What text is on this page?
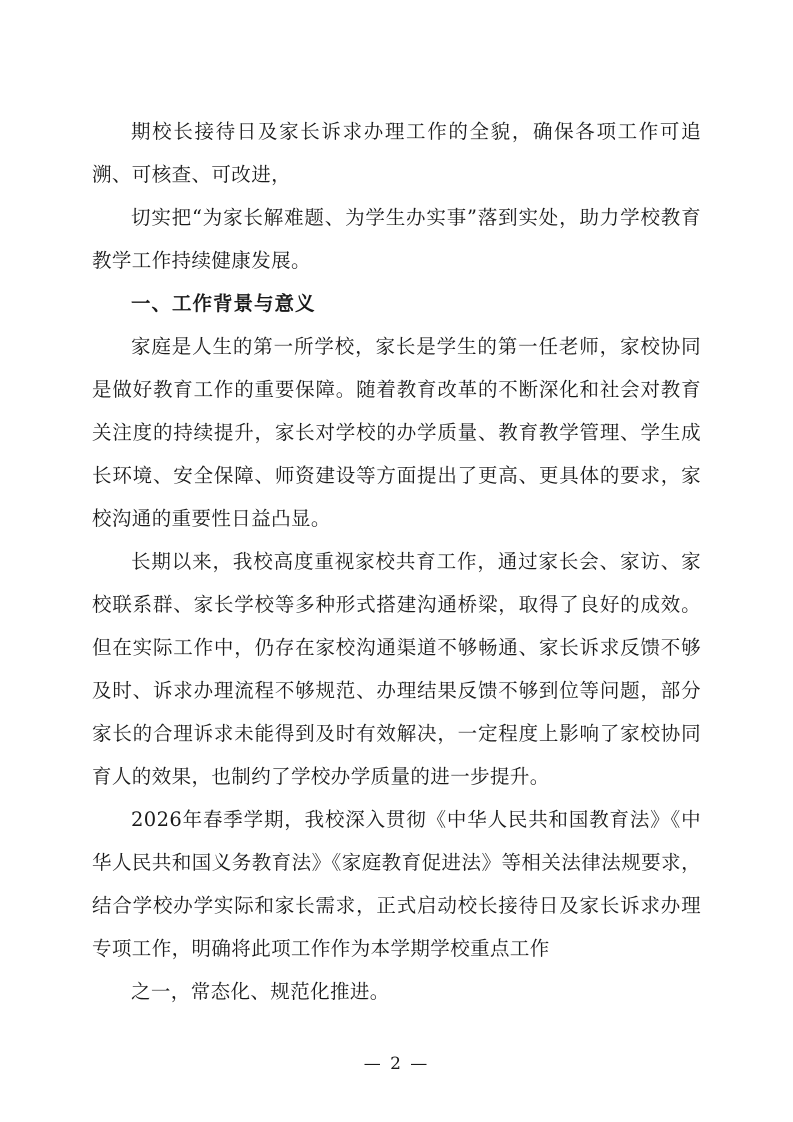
期校长接待日及家长诉求办理工作的全貌，确保各项工作可追溯、可核查、可改进，

切实把“为家长解难题、为学生办实事”落到实处，助力学校教育教学工作持续健康发展。

一、工作背景与意义

家庭是人生的第一所学校，家长是学生的第一任老师，家校协同是做好教育工作的重要保障。随着教育改革的不断深化和社会对教育关注度的持续提升，家长对学校的办学质量、教育教学管理、学生成长环境、安全保障、师资建设等方面提出了更高、更具体的要求，家校沟通的重要性日益凸显。

长期以来，我校高度重视家校共育工作，通过家长会、家访、家校联系群、家长学校等多种形式搭建沟通桥梁，取得了良好的成效。但在实际工作中，仍存在家校沟通渠道不够畅通、家长诉求反馈不够及时、诉求办理流程不够规范、办理结果反馈不够到位等问题，部分家长的合理诉求未能得到及时有效解决，一定程度上影响了家校协同育人的效果，也制约了学校办学质量的进一步提升。

2026年春季学期，我校深入贯彻《中华人民共和国教育法》《中华人民共和国义务教育法》《家庭教育促进法》等相关法律法规要求，结合学校办学实际和家长需求，正式启动校长接待日及家长诉求办理专项工作，明确将此项工作作为本学期学校重点工作

之一，常态化、规范化推进。

— 2 —
